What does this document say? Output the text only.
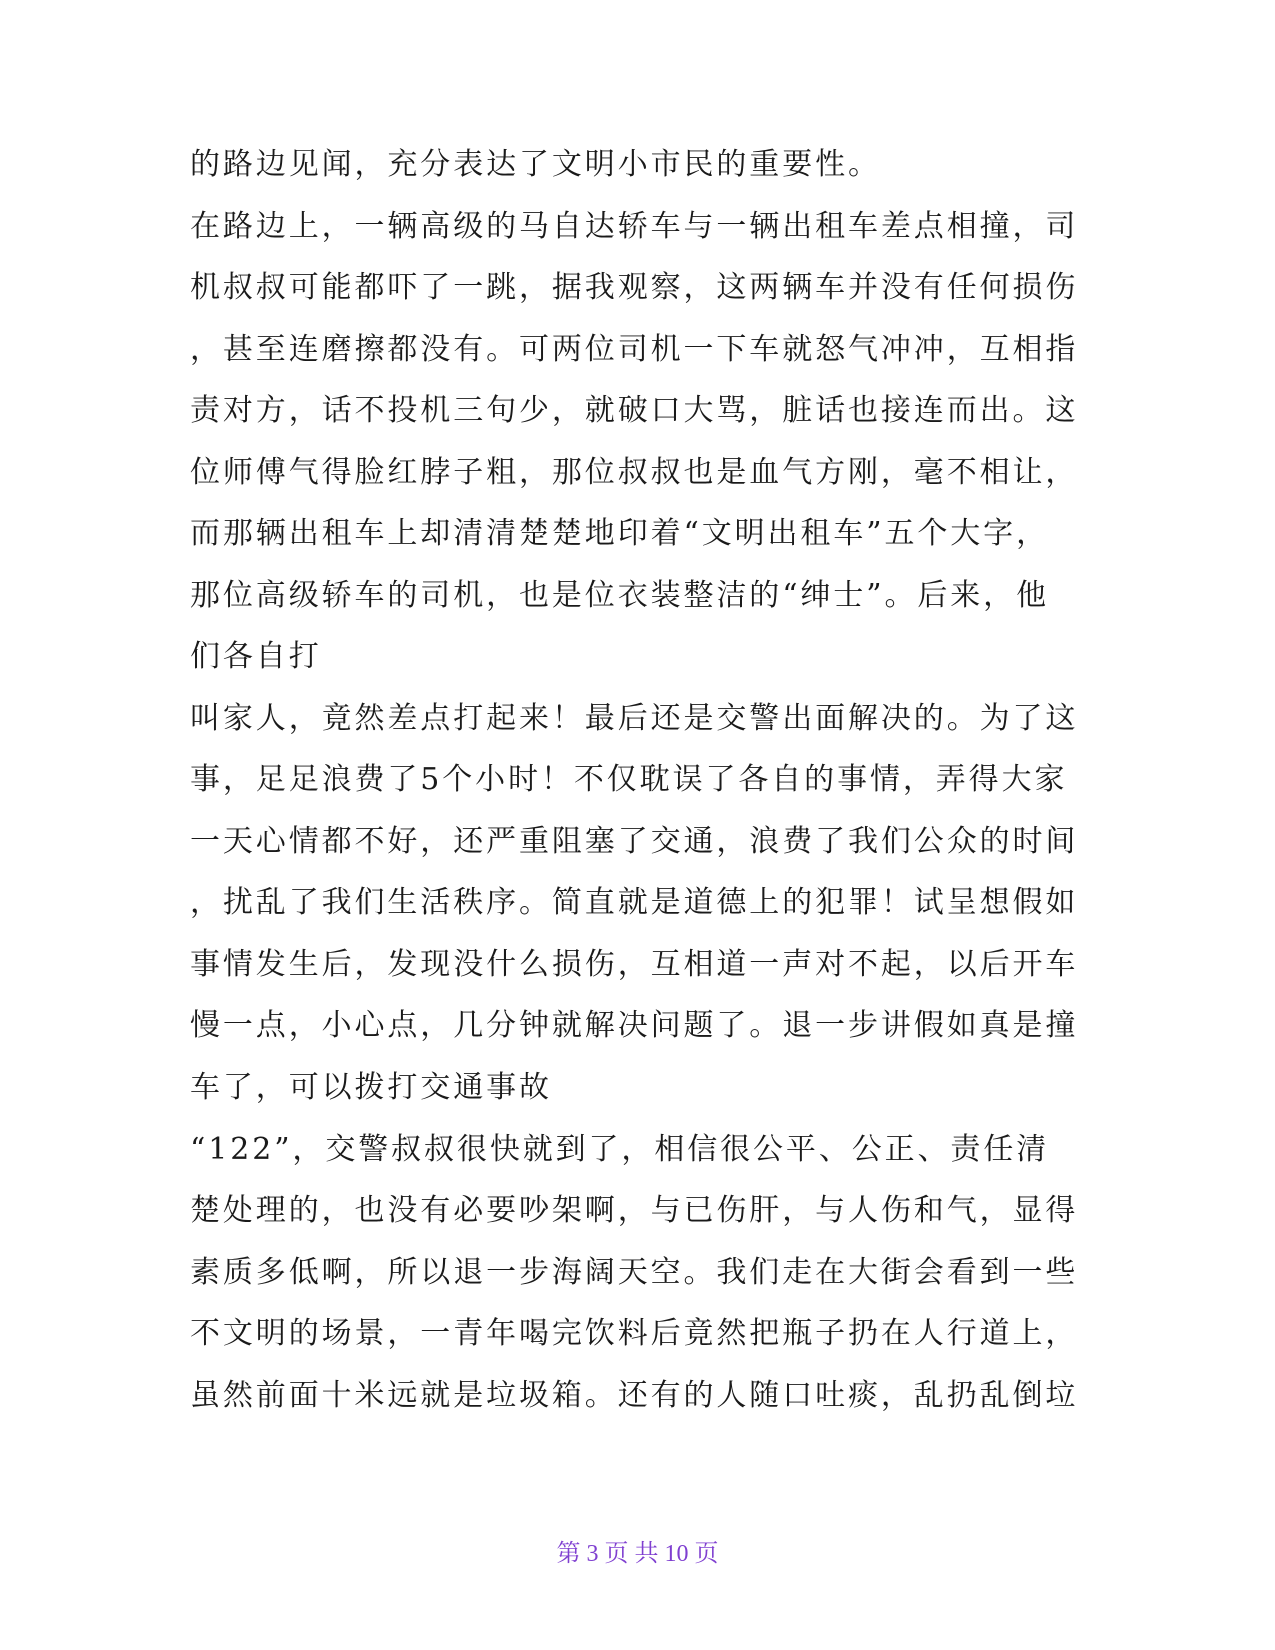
的路边见闻，充分表达了文明小市民的重要性。
在路边上，一辆高级的马自达轿车与一辆出租车差点相撞，司
机叔叔可能都吓了一跳，据我观察，这两辆车并没有任何损伤
，甚至连磨擦都没有。可两位司机一下车就怒气冲冲，互相指
责对方，话不投机三句少，就破口大骂，脏话也接连而出。这
位师傅气得脸红脖子粗，那位叔叔也是血气方刚，毫不相让，
而那辆出租车上却清清楚楚地印着“文明出租车”五个大字，
那位高级轿车的司机，也是位衣装整洁的“绅士”。后来，他
们各自打
叫家人，竟然差点打起来！最后还是交警出面解决的。为了这
事，足足浪费了5个小时！不仅耽误了各自的事情，弄得大家
一天心情都不好，还严重阻塞了交通，浪费了我们公众的时间
，扰乱了我们生活秩序。简直就是道德上的犯罪！试呈想假如
事情发生后，发现没什么损伤，互相道一声对不起，以后开车
慢一点，小心点，几分钟就解决问题了。退一步讲假如真是撞
车了，可以拨打交通事故
“122”，交警叔叔很快就到了，相信很公平、公正、责任清
楚处理的，也没有必要吵架啊，与已伤肝，与人伤和气，显得
素质多低啊，所以退一步海阔天空。我们走在大街会看到一些
不文明的场景，一青年喝完饮料后竟然把瓶子扔在人行道上，
虽然前面十米远就是垃圾箱。还有的人随口吐痰，乱扔乱倒垃
第 3 页 共 10 页
